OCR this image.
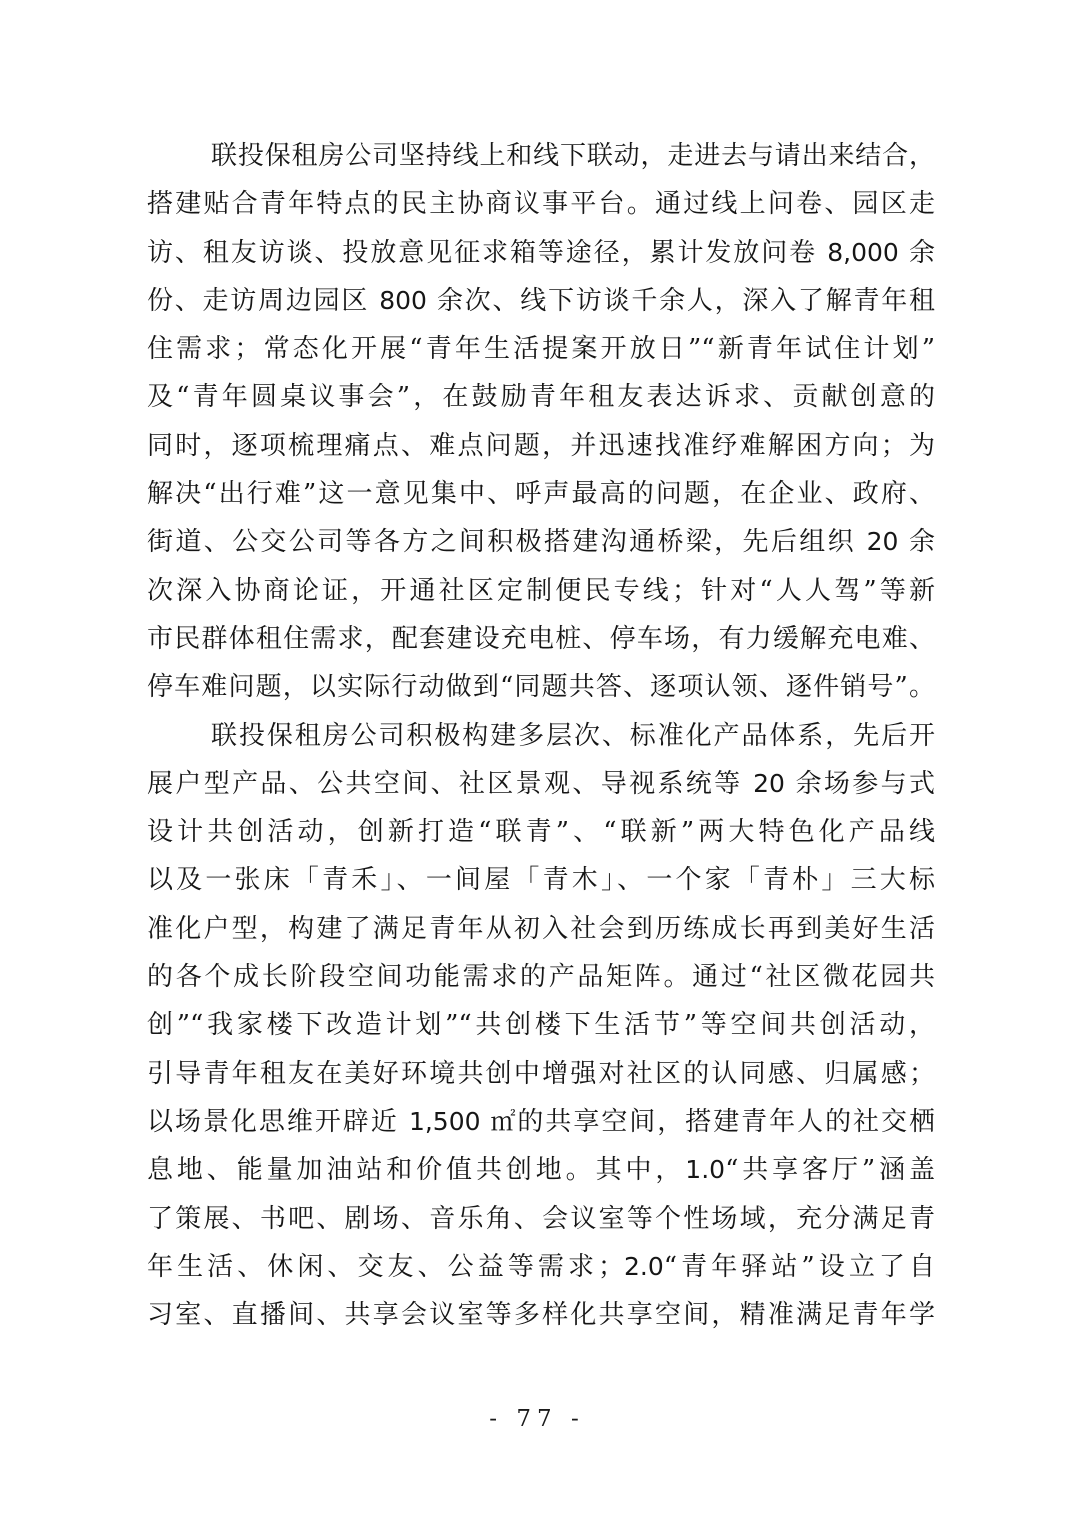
联投保租房公司坚持线上和线下联动，走进去与请出来结合，
搭建贴合青年特点的民主协商议事平台。通过线上问卷、园区走
访、租友访谈、投放意见征求箱等途径，累计发放问卷 8,000 余
份、走访周边园区 800 余次、线下访谈千余人，深入了解青年租
住需求；常态化开展“青年生活提案开放日”“新青年试住计划”
及“青年圆桌议事会”，在鼓励青年租友表达诉求、贡献创意的
同时，逐项梳理痛点、难点问题，并迅速找准纾难解困方向；为
解决“出行难”这一意见集中、呼声最高的问题，在企业、政府、
街道、公交公司等各方之间积极搭建沟通桥梁，先后组织 20 余
次深入协商论证，开通社区定制便民专线；针对“人人驾”等新
市民群体租住需求，配套建设充电桩、停车场，有力缓解充电难、
停车难问题，以实际行动做到“同题共答、逐项认领、逐件销号”。
联投保租房公司积极构建多层次、标准化产品体系，先后开
展户型产品、公共空间、社区景观、导视系统等 20 余场参与式
设计共创活动，创新打造“联青”、“联新”两大特色化产品线
以及一张床「青禾」、一间屋「青木」、一个家「青朴」三大标
准化户型，构建了满足青年从初入社会到历练成长再到美好生活
的各个成长阶段空间功能需求的产品矩阵。通过“社区微花园共
创”“我家楼下改造计划”“共创楼下生活节”等空间共创活动，
引导青年租友在美好环境共创中增强对社区的认同感、归属感；
以场景化思维开辟近 1,500 ㎡的共享空间，搭建青年人的社交栖
息地、能量加油站和价值共创地。其中，1.0“共享客厅”涵盖
了策展、书吧、剧场、音乐角、会议室等个性场域，充分满足青
年生活、休闲、交友、公益等需求；2.0“青年驿站”设立了自
习室、直播间、共享会议室等多样化共享空间，精准满足青年学
- 77 -
